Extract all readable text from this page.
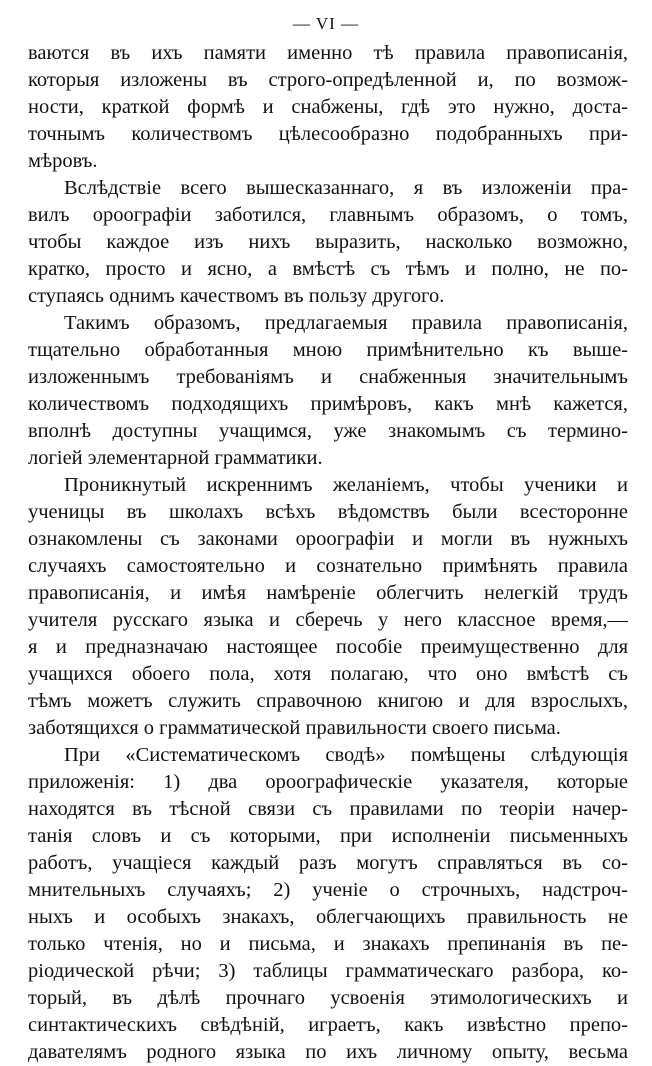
— VI —
ваются въ ихъ памяти именно тѣ правила правописанія,
которыя изложены въ строго-опредѣленной и, по возмож-
ности, краткой формѣ и снабжены, гдѣ это нужно, доста-
точнымъ количествомъ цѣлесообразно подобранныхъ при-
мѣровъ.
Вслѣдствіе всего вышесказаннаго, я въ изложеніи пра-
вилъ ороографіи заботился, главнымъ образомъ, о томъ,
чтобы каждое изъ нихъ выразить, насколько возможно,
кратко, просто и ясно, а вмѣстѣ съ тѣмъ и полно, не по-
ступаясь однимъ качествомъ въ пользу другого.
Такимъ образомъ, предлагаемыя правила правописанія,
тщательно обработанныя мною примѣнительно къ выше-
изложеннымъ требованіямъ и снабженныя значительнымъ
количествомъ подходящихъ примѣровъ, какъ мнѣ кажется,
вполнѣ доступны учащимся, уже знакомымъ съ термино-
логіей элементарной грамматики.
Проникнутый искреннимъ желаніемъ, чтобы ученики и
ученицы въ школахъ всѣхъ вѣдомствъ были всесторонне
ознакомлены съ законами ороографіи и могли въ нужныхъ
случаяхъ самостоятельно и сознательно примѣнять правила
правописанія, и имѣя намѣреніе облегчить нелегкій трудъ
учителя русскаго языка и сберечь у него классное время,—
я и предназначаю настоящее пособіе преимущественно для
учащихся обоего пола, хотя полагаю, что оно вмѣстѣ съ
тѣмъ можетъ служить справочною книгою и для взрослыхъ,
заботящихся о грамматической правильности своего письма.
При «Систематическомъ сводѣ» помѣщены слѣдующія
приложенія: 1) два ороографическіе указателя, которые
находятся въ тѣсной связи съ правилами по теоріи начер-
танія словъ и съ которыми, при исполненіи письменныхъ
работъ, учащіеся каждый разъ могутъ справляться въ со-
мнительныхъ случаяхъ; 2) ученіе о строчныхъ, надстроч-
ныхъ и особыхъ знакахъ, облегчающихъ правильность не
только чтенія, но и письма, и знакахъ препинанія въ пе-
ріодической рѣчи; 3) таблицы грамматическаго разбора, ко-
торый, въ дѣлѣ прочнаго усвоенія этимологическихъ и
синтактическихъ свѣдѣній, играетъ, какъ извѣстно препо-
давателямъ родного языка по ихъ личному опыту, весьма
